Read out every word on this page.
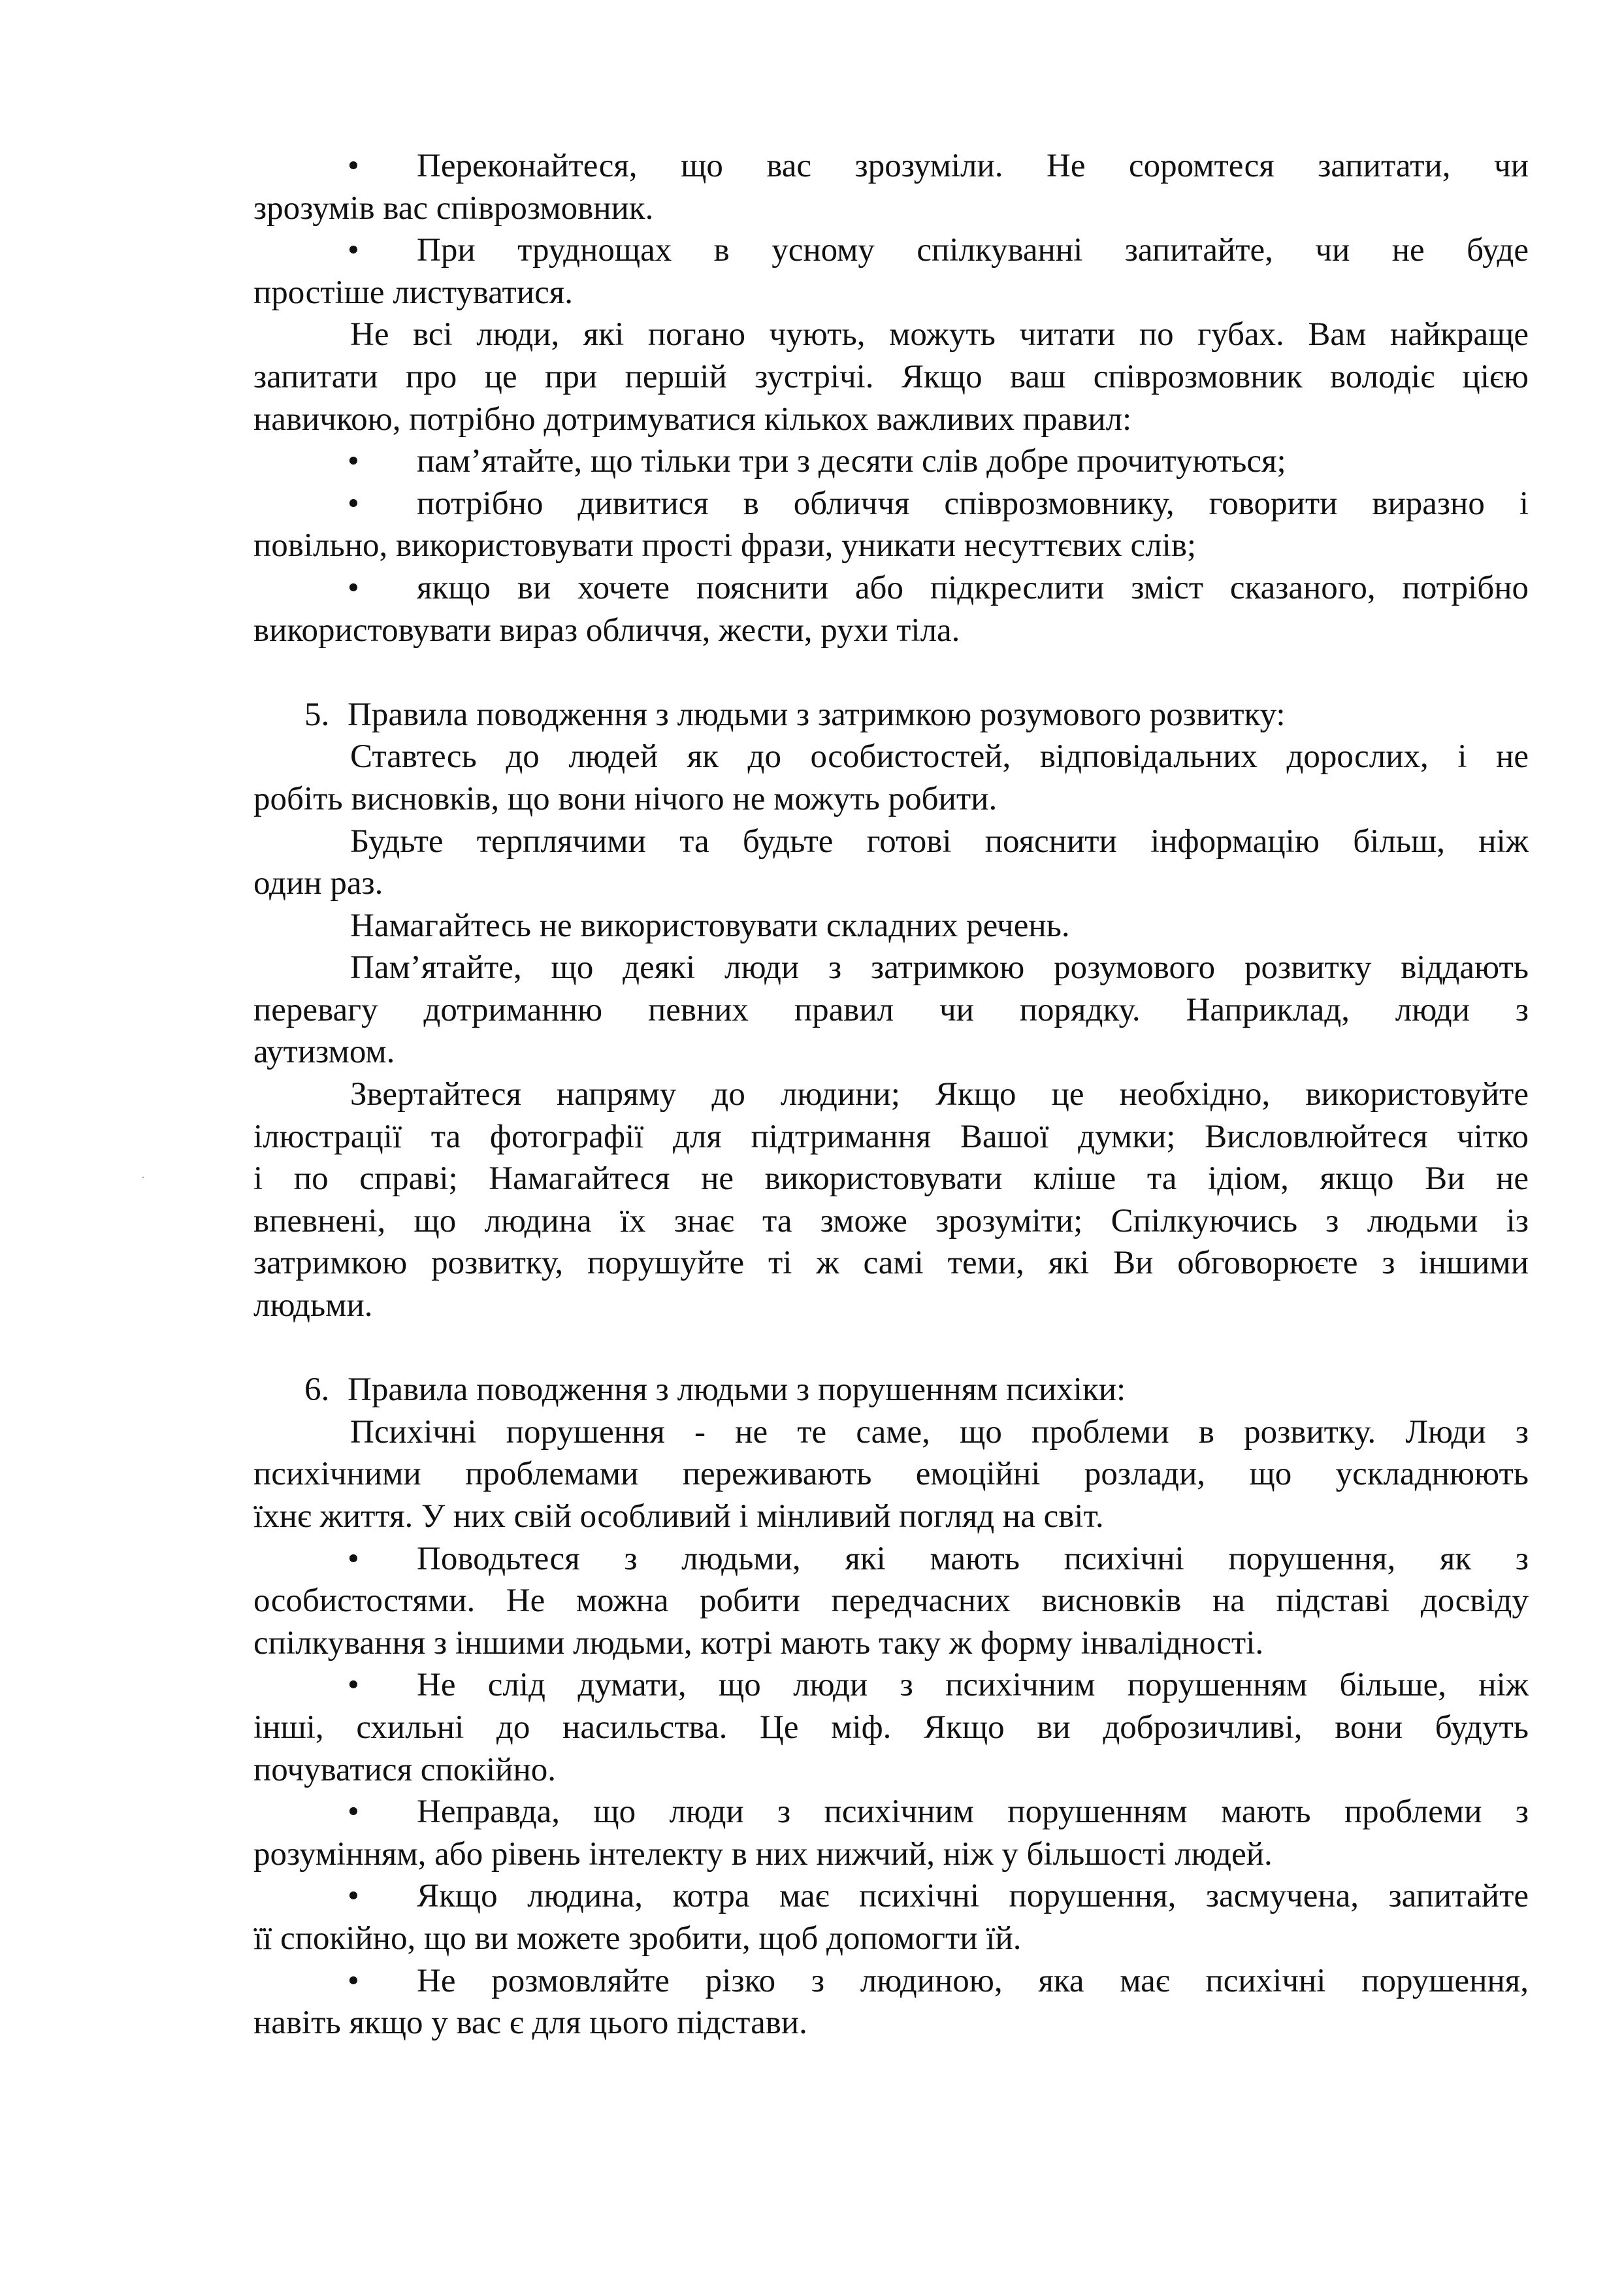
• Переконайтеся, що вас зрозуміли. Не соромтеся запитати, чи
зрозумів вас співрозмовник.
• При труднощах в усному спілкуванні запитайте, чи не буде
простіше листуватися.
Не всі люди, які погано чують, можуть читати по губах. Вам найкраще
запитати про це при першій зустрічі. Якщо ваш співрозмовник володіє цією
навичкою, потрібно дотримуватися кількох важливих правил:
• пам’ятайте, що тільки три з десяти слів добре прочитуються;
• потрібно дивитися в обличчя співрозмовнику, говорити виразно і
повільно, використовувати прості фрази, уникати несуттєвих слів;
• якщо ви хочете пояснити або підкреслити зміст сказаного, потрібно
використовувати вираз обличчя, жести, рухи тіла.
5. Правила поводження з людьми з затримкою розумового розвитку:
Ставтесь до людей як до особистостей, відповідальних дорослих, і не
робіть висновків, що вони нічого не можуть робити.
Будьте терплячими та будьте готові пояснити інформацію більш, ніж
один раз.
Намагайтесь не використовувати складних речень.
Пам’ятайте, що деякі люди з затримкою розумового розвитку віддають
перевагу дотриманню певних правил чи порядку. Наприклад, люди з
аутизмом.
Звертайтеся напряму до людини; Якщо це необхідно, використовуйте
ілюстрації та фотографії для підтримання Вашої думки; Висловлюйтеся чітко
і по справі; Намагайтеся не використовувати кліше та ідіом, якщо Ви не
впевнені, що людина їх знає та зможе зрозуміти; Спілкуючись з людьми із
затримкою розвитку, порушуйте ті ж самі теми, які Ви обговорюєте з іншими
людьми.
6. Правила поводження з людьми з порушенням психіки:
Психічні порушення - не те саме, що проблеми в розвитку. Люди з
психічними проблемами переживають емоційні розлади, що ускладнюють
їхнє життя. У них свій особливий і мінливий погляд на світ.
• Поводьтеся з людьми, які мають психічні порушення, як з
особистостями. Не можна робити передчасних висновків на підставі досвіду
спілкування з іншими людьми, котрі мають таку ж форму інвалідності.
• Не слід думати, що люди з психічним порушенням більше, ніж
інші, схильні до насильства. Це міф. Якщо ви доброзичливі, вони будуть
почуватися спокійно.
• Неправда, що люди з психічним порушенням мають проблеми з
розумінням, або рівень інтелекту в них нижчий, ніж у більшості людей.
• Якщо людина, котра має психічні порушення, засмучена, запитайте
її спокійно, що ви можете зробити, щоб допомогти їй.
• Не розмовляйте різко з людиною, яка має психічні порушення,
навіть якщо у вас є для цього підстави.
